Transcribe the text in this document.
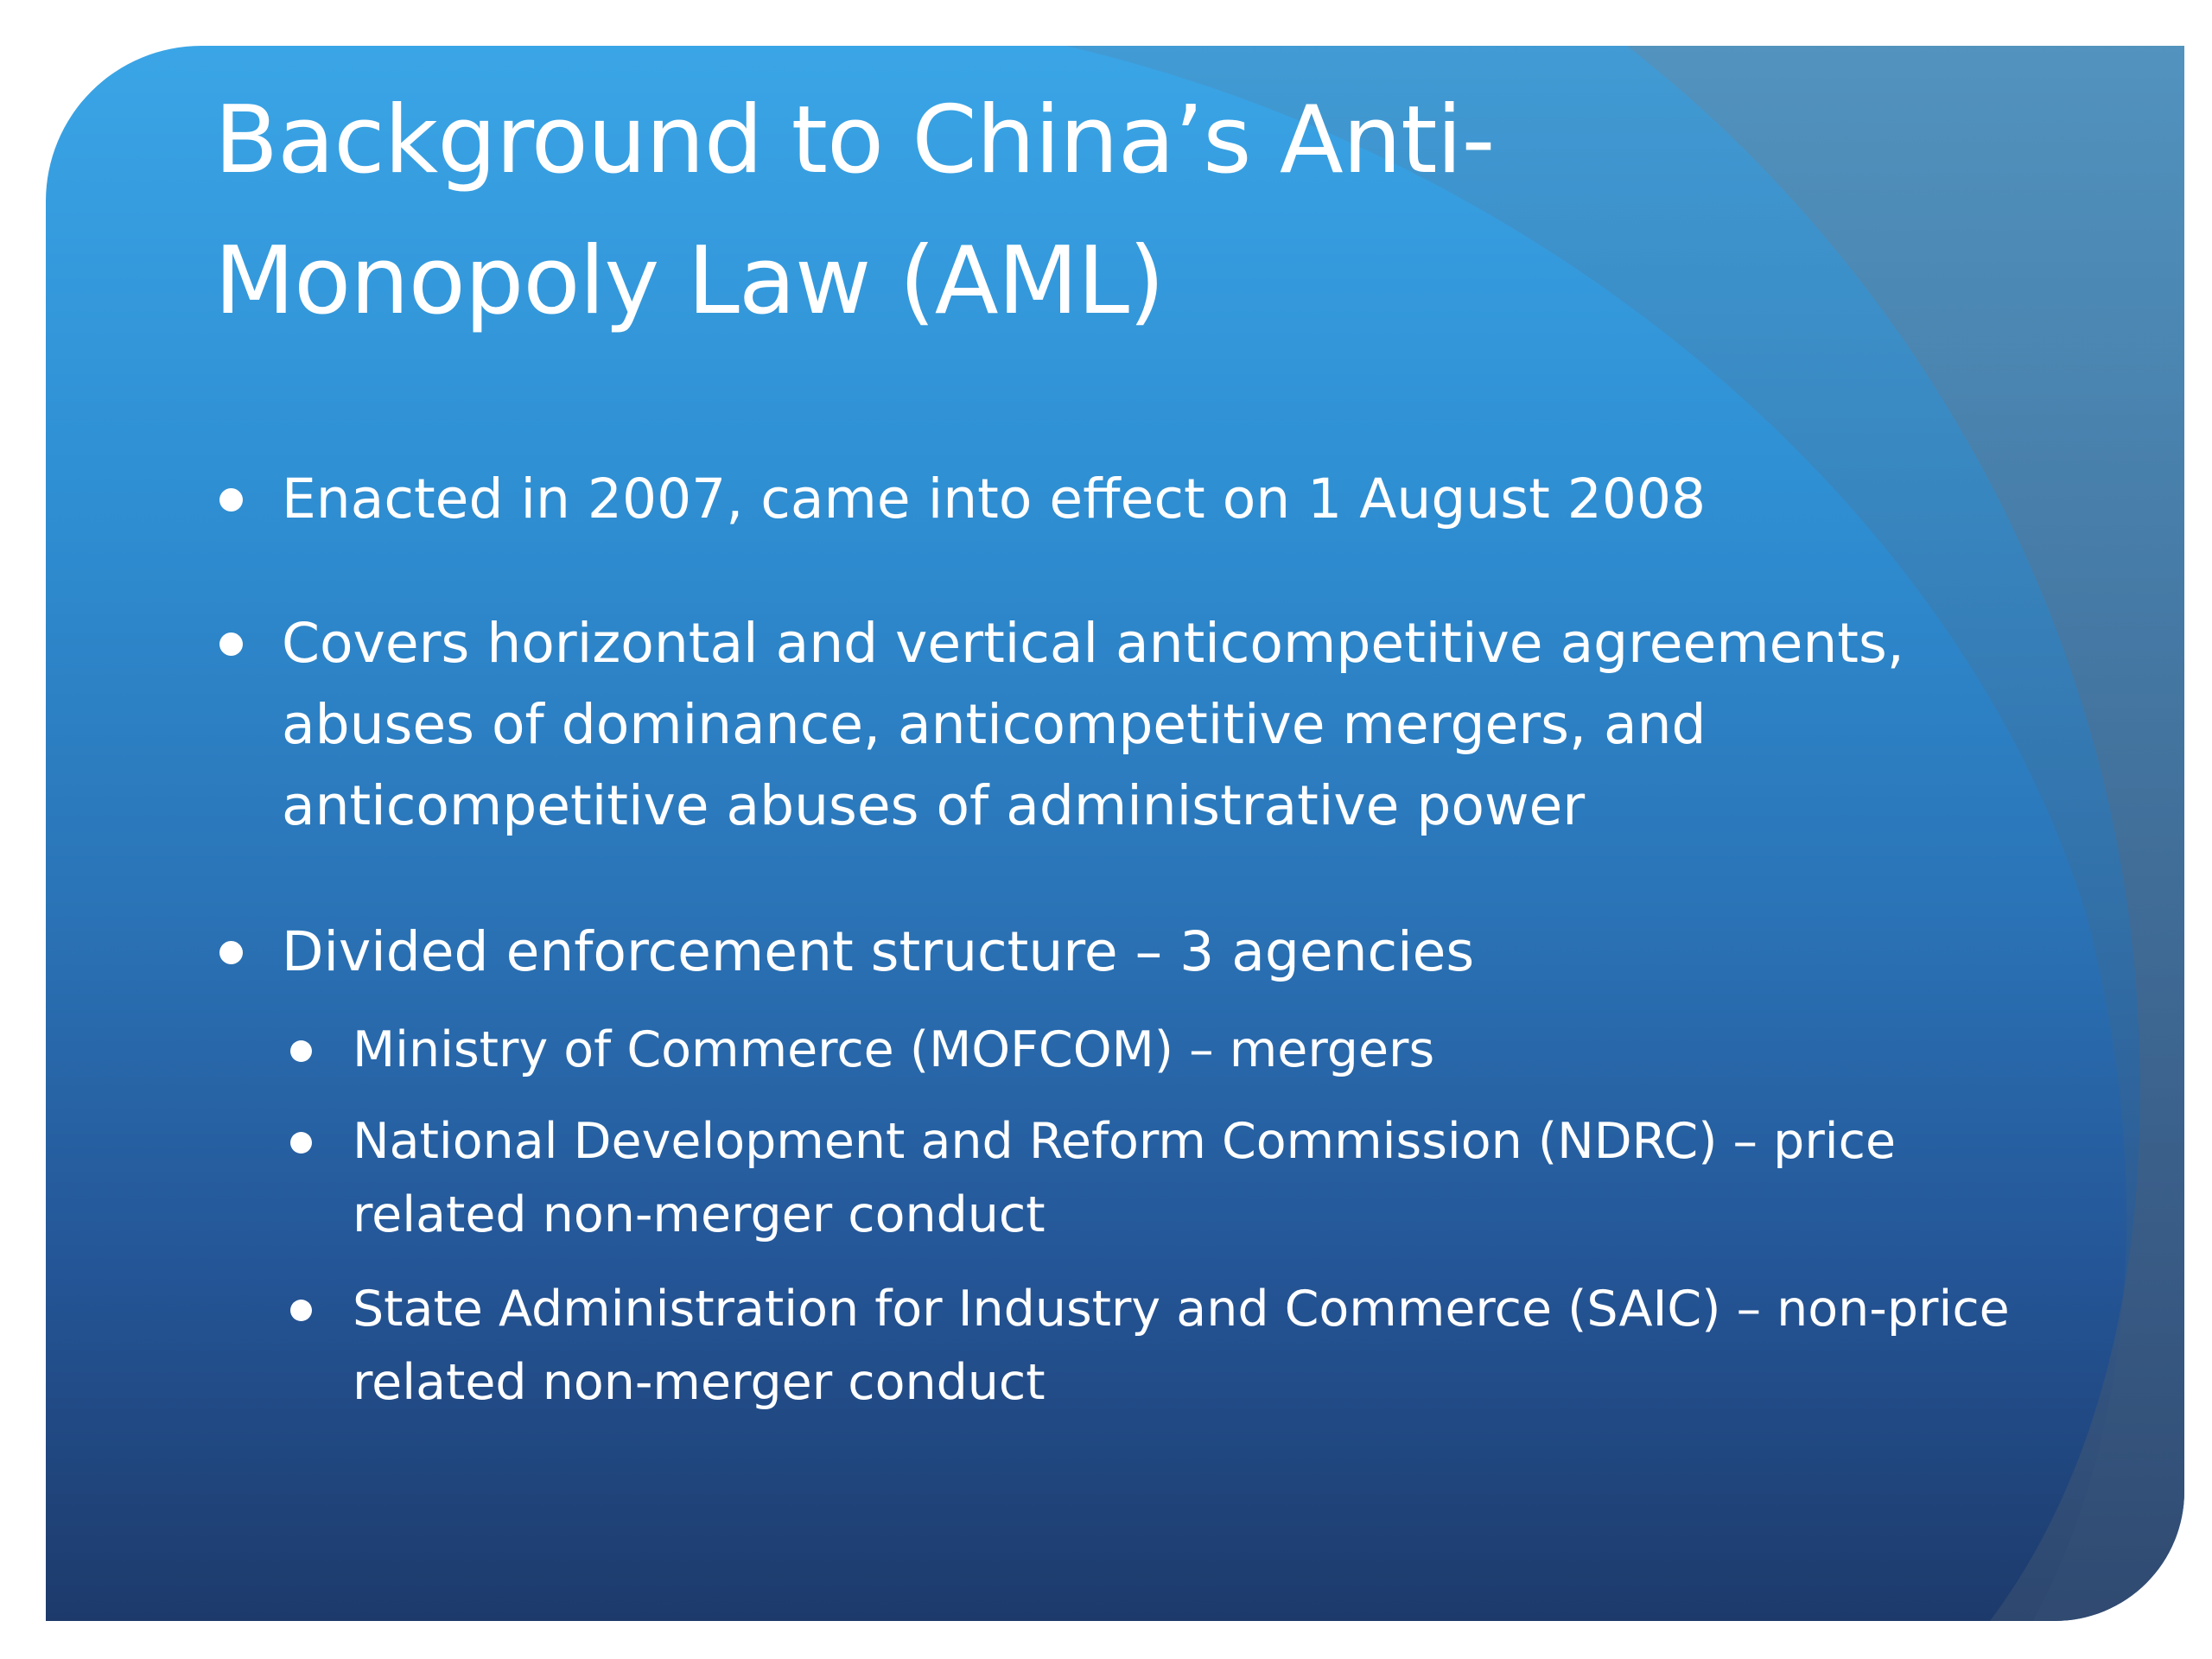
Background to China’s Anti-Monopoly Law (AML)
Enacted in 2007, came into effect on 1 August 2008
Covers horizontal and vertical anticompetitive agreements, abuses of dominance, anticompetitive mergers, and anticompetitive abuses of administrative power
Divided enforcement structure – 3 agencies
Ministry of Commerce (MOFCOM) – mergers
National Development and Reform Commission (NDRC) – price related non-merger conduct
State Administration for Industry and Commerce (SAIC) – non-price related non-merger conduct
